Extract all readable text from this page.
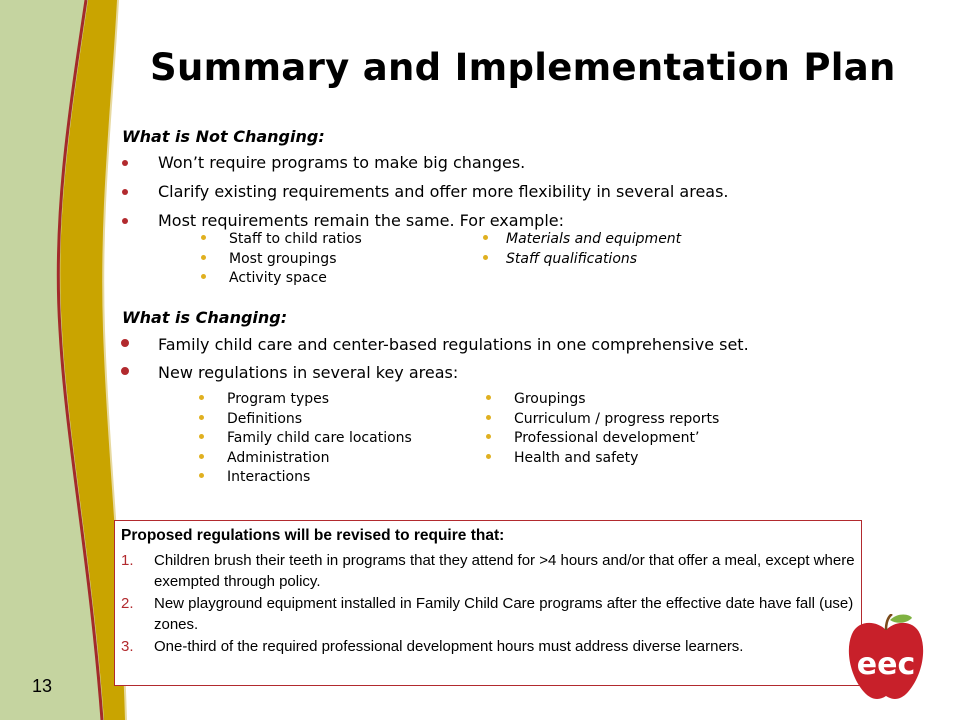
Summary and Implementation Plan
What is Not Changing:
Won’t require programs to make big changes.
Clarify existing requirements and offer more flexibility in several areas.
Most requirements remain the same. For example:
Staff to child ratios
Most groupings
Activity space
Materials and equipment
Staff qualifications
What is Changing:
Family child care and center-based regulations in one comprehensive set.
New regulations in several key areas:
Program types
Definitions
Family child care locations
Administration
Interactions
Groupings
Curriculum / progress reports
Professional development’
Health and safety
Proposed regulations will be revised to require that:
1. Children brush their teeth in programs that they attend for >4 hours and/or that offer a meal, except where exempted through policy.
2. New playground equipment installed in Family Child Care programs after the effective date have fall (use) zones.
3. One-third of the required professional development hours must address diverse learners.
13
eec
